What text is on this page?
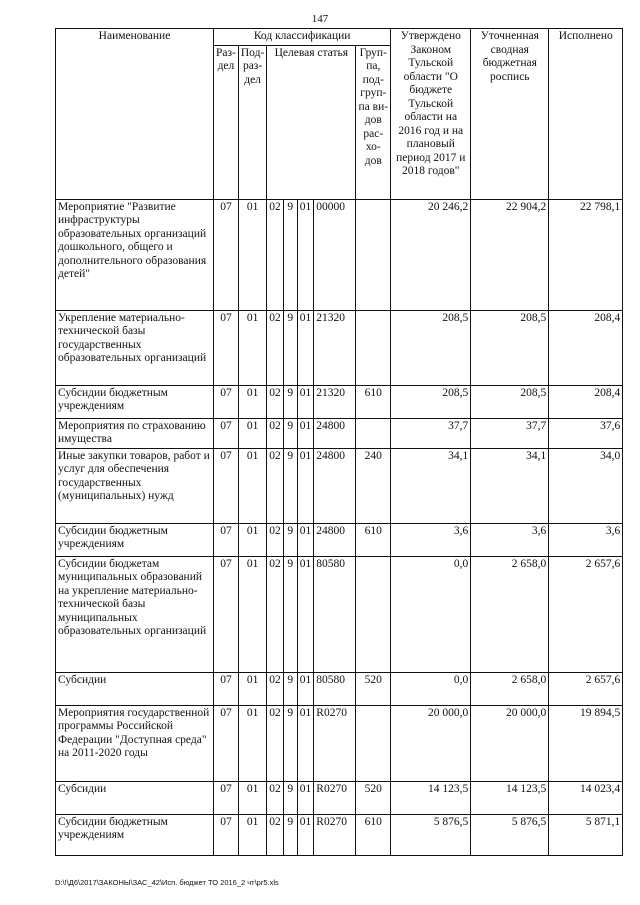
147
Наименование	Код классификации							Утверждено Законом Тульской области "О бюджете Тульской области на 2016 год и на плановый период 2017 и 2018 годов"	Уточненная сводная бюджетная роспись	Исполнено
	Раз-дел	Под-раз-дел	Целевая статья				Груп-па, под-груп-па ви-дов рас-хо-дов			
Мероприятие "Развитие инфраструктуры образовательных организаций дошкольного, общего и дополнительного образования детей"	07	01	02	9	01	00000		20 246,2	22 904,2	22 798,1
Укрепление материально-технической базы государственных образовательных организаций	07	01	02	9	01	21320		208,5	208,5	208,4
Субсидии бюджетным учреждениям	07	01	02	9	01	21320	610	208,5	208,5	208,4
Мероприятия по страхованию имущества	07	01	02	9	01	24800		37,7	37,7	37,6
Иные закупки товаров, работ и услуг для обеспечения государственных (муниципальных) нужд	07	01	02	9	01	24800	240	34,1	34,1	34,0
Субсидии бюджетным учреждениям	07	01	02	9	01	24800	610	3,6	3,6	3,6
Субсидии бюджетам муниципальных образований на укрепление материально-технической базы муниципальных образовательных организаций	07	01	02	9	01	80580		0,0	2 658,0	2 657,6
Субсидии	07	01	02	9	01	80580	520	0,0	2 658,0	2 657,6
Мероприятия государственной программы Российской Федерации "Доступная среда" на 2011-2020 годы	07	01	02	9	01	R0270		20 000,0	20 000,0	19 894,5
Субсидии	07	01	02	9	01	R0270	520	14 123,5	14 123,5	14 023,4
Субсидии бюджетным учреждениям	07	01	02	9	01	R0270	610	5 876,5	5 876,5	5 871,1
D:\!\Д6\2017\ЗАКОНЫ\ЗАС_42\Исп. бюджет ТО 2016_2 чт\pr5.xls
